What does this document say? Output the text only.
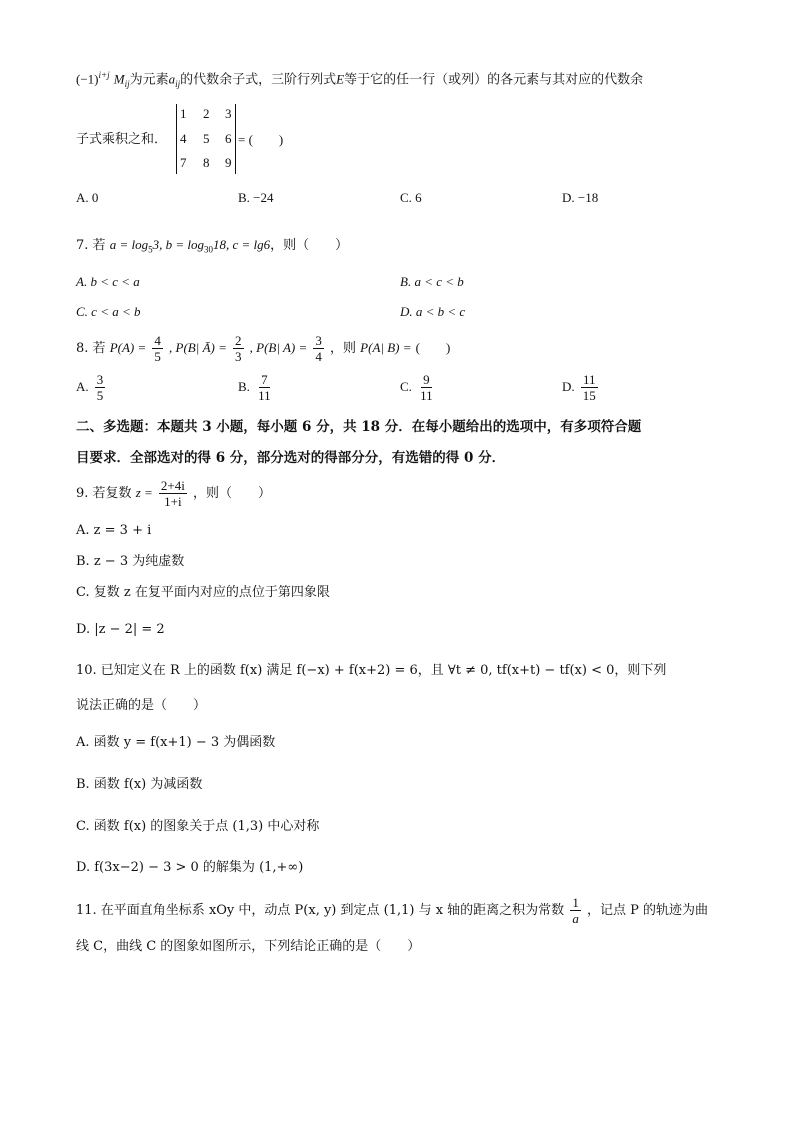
$(-1)^{i+j}$ $M_{ij}$为元素$a_{ij}$的代数余子式，三阶行列式E等于它的任一行（或列）的各元素与其对应的代数余
子式乘积之和．
1 2 3
4 5 6
7 8 9
= (　　)
A. 0	B. −24	C. 6	D. −18
7. 若 $a = \log_53$, $b = \log_{30}18$, c = lg6，则（　　）
A. b < c < a	B. a < c < b
C. c < a < b	D. a < b < c
8. 若 $P(A) = \frac{4}{5}$ , P(B| Ā) = $\frac{2}{3}$ , P(B| $A) = \frac{3}{4}$ ，则 P(A| B) = (　　)
A. $\frac{3}{5}$	B. $\frac{7}{11}$	C. $\frac{9}{11}$	D. $\frac{11}{15}$
二、多选题：本题共 3 小题，每小题 6 分，共 18 分．在每小题给出的选项中，有多项符合题
目要求．全部选对的得 6 分，部分选对的得部分分，有选错的得 0 分．
9. 若复数 $z = \frac{2+4i}{1+i}$ ，则（　　）
A. z = 3 + i
B. z − 3 为纯虚数
C. 复数 z 在复平面内对应的点位于第四象限
D. |z − 2| = 2
10. 已知定义在 R 上的函数 f(x) 满足 f(−x) + f(x+2) = 6，且 ∀t ≠ 0, tf(x+t) − tf(x) < 0，则下列
说法正确的是（　　）
A. 函数 y = f(x+1) − 3 为偶函数
B. 函数 f(x) 为减函数
C. 函数 f(x) 的图象关于点 (1,3) 中心对称
D. f(3x−2) − 3 > 0 的解集为 (1,+∞)
11. 在平面直角坐标系 xOy 中，动点 P(x, y) 到定点 (1,1) 与 x 轴的距离之积为常数 $\frac{1}{a}$ ，记点 P 的轨迹为曲
线 C，曲线 C 的图象如图所示，下列结论正确的是（　　）
